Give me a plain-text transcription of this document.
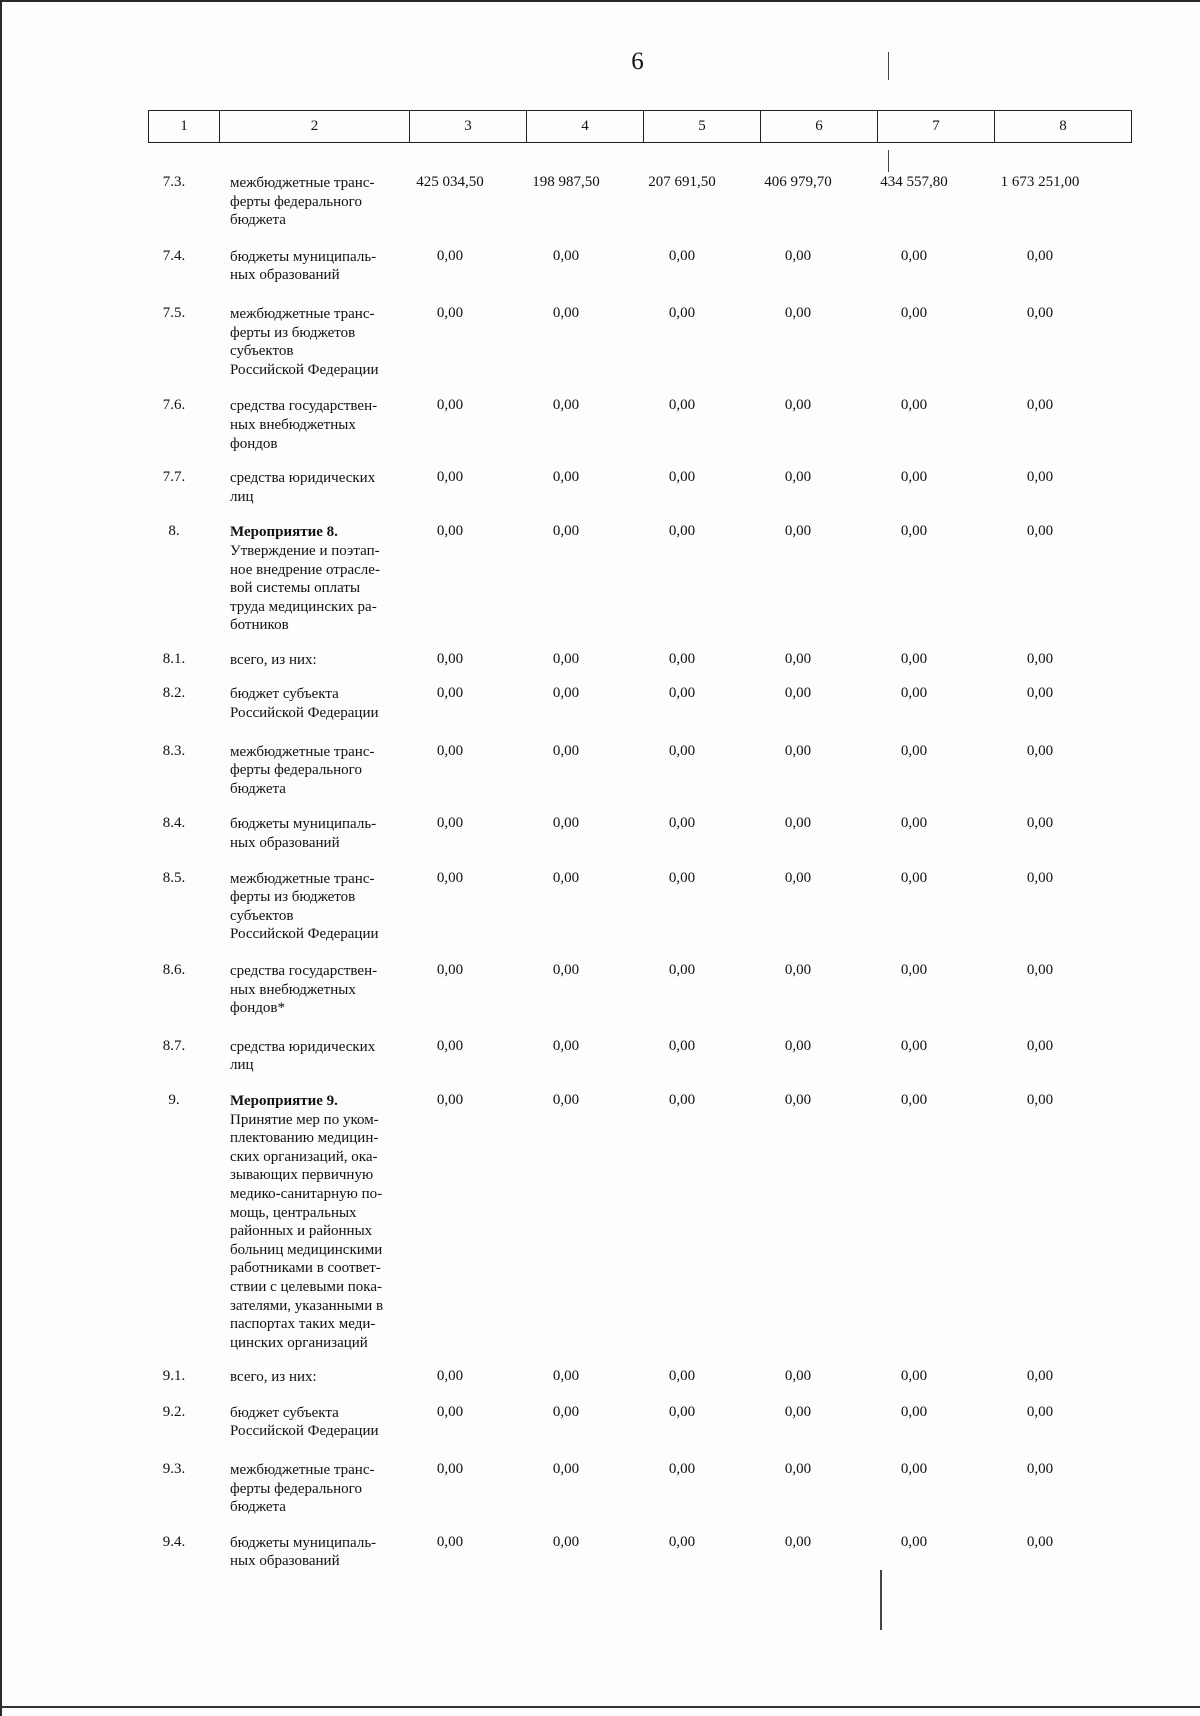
6
1	2	3	4	5	6	7	8
7.3.	межбюджетные транс-
ферты федерального
бюджета
425 034,50	198 987,50	207 691,50	406 979,70	434 557,80	1 673 251,00
7.4.	бюджеты муниципаль-
ных образований
0,00	0,00	0,00	0,00	0,00	0,00
7.5.	межбюджетные транс-
ферты из бюджетов
субъектов
Российской Федерации
0,00	0,00	0,00	0,00	0,00	0,00
7.6.	средства государствен-
ных внебюджетных
фондов
0,00	0,00	0,00	0,00	0,00	0,00
7.7.	средства юридических
лиц
0,00	0,00	0,00	0,00	0,00	0,00
8.	Мероприятие 8.
Утверждение и поэтап-
ное внедрение отрасле-
вой системы оплаты
труда медицинских ра-
ботников
0,00	0,00	0,00	0,00	0,00	0,00
8.1.	всего, из них:	0,00	0,00	0,00	0,00	0,00	0,00
8.2.	бюджет субъекта
Российской Федерации
0,00	0,00	0,00	0,00	0,00	0,00
8.3.	межбюджетные транс-
ферты федерального
бюджета
0,00	0,00	0,00	0,00	0,00	0,00
8.4.	бюджеты муниципаль-
ных образований
0,00	0,00	0,00	0,00	0,00	0,00
8.5.	межбюджетные транс-
ферты из бюджетов
субъектов
Российской Федерации
0,00	0,00	0,00	0,00	0,00	0,00
8.6.	средства государствен-
ных внебюджетных
фондов*
0,00	0,00	0,00	0,00	0,00	0,00
8.7.	средства юридических
лиц
0,00	0,00	0,00	0,00	0,00	0,00
9.	Мероприятие 9.
Принятие мер по уком-
плектованию медицин-
ских организаций, ока-
зывающих первичную
медико-санитарную по-
мощь, центральных
районных и районных
больниц медицинскими
работниками в соответ-
ствии с целевыми пока-
зателями, указанными в
паспортах таких меди-
цинских организаций
0,00	0,00	0,00	0,00	0,00	0,00
9.1.	всего, из них:	0,00	0,00	0,00	0,00	0,00	0,00
9.2.	бюджет субъекта
Российской Федерации
0,00	0,00	0,00	0,00	0,00	0,00
9.3.	межбюджетные транс-
ферты федерального
бюджета
0,00	0,00	0,00	0,00	0,00	0,00
9.4.	бюджеты муниципаль-
ных образований
0,00	0,00	0,00	0,00	0,00	0,00
